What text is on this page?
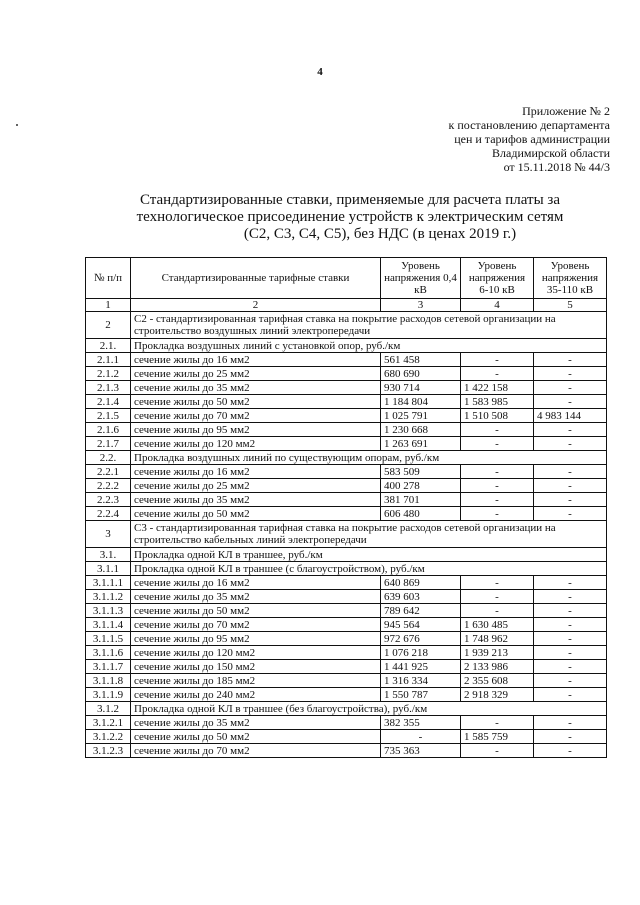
4
Приложение № 2
к постановлению департамента
цен и тарифов администрации
Владимирской области
от 15.11.2018 № 44/3
Стандартизированные ставки, применяемые для расчета платы за
технологическое присоединение устройств к электрическим сетям
(С2, С3, С4, С5), без НДС (в ценах 2019 г.)
№ п/п	Стандартизированные тарифные ставки	Уровень напряжения 0,4 кВ	Уровень напряжения 6-10 кВ	Уровень напряжения 35-110 кВ
1	2	3	4	5
2	С2 - стандартизированная тарифная ставка на покрытие расходов сетевой организации на строительство воздушных линий электропередачи			
2.1.	Прокладка воздушных линий с установкой опор, руб./км			
2.1.1	сечение жилы до 16 мм2	561 458	-	-
2.1.2	сечение жилы до 25 мм2	680 690	-	-
2.1.3	сечение жилы до 35 мм2	930 714	1 422 158	-
2.1.4	сечение жилы до 50 мм2	1 184 804	1 583 985	-
2.1.5	сечение жилы до 70 мм2	1 025 791	1 510 508	4 983 144
2.1.6	сечение жилы до 95 мм2	1 230 668	-	-
2.1.7	сечение жилы до 120 мм2	1 263 691	-	-
2.2.	Прокладка воздушных линий по существующим опорам, руб./км			
2.2.1	сечение жилы до 16 мм2	583 509	-	-
2.2.2	сечение жилы до 25 мм2	400 278	-	-
2.2.3	сечение жилы до 35 мм2	381 701	-	-
2.2.4	сечение жилы до 50 мм2	606 480	-	-
3	С3 - стандартизированная тарифная ставка на покрытие расходов сетевой организации на строительство кабельных линий электропередачи			
3.1.	Прокладка одной КЛ в траншее, руб./км			
3.1.1	Прокладка одной КЛ в траншее (с благоустройством), руб./км			
3.1.1.1	сечение жилы до 16 мм2	640 869	-	-
3.1.1.2	сечение жилы до 35 мм2	639 603	-	-
3.1.1.3	сечение жилы до 50 мм2	789 642	-	-
3.1.1.4	сечение жилы до 70 мм2	945 564	1 630 485	-
3.1.1.5	сечение жилы до 95 мм2	972 676	1 748 962	-
3.1.1.6	сечение жилы до 120 мм2	1 076 218	1 939 213	-
3.1.1.7	сечение жилы до 150 мм2	1 441 925	2 133 986	-
3.1.1.8	сечение жилы до 185 мм2	1 316 334	2 355 608	-
3.1.1.9	сечение жилы до 240 мм2	1 550 787	2 918 329	-
3.1.2	Прокладка одной КЛ в траншее (без благоустройства), руб./км			
3.1.2.1	сечение жилы до 35 мм2	382 355	-	-
3.1.2.2	сечение жилы до 50 мм2	-	1 585 759	-
3.1.2.3	сечение жилы до 70 мм2	735 363	-	-
